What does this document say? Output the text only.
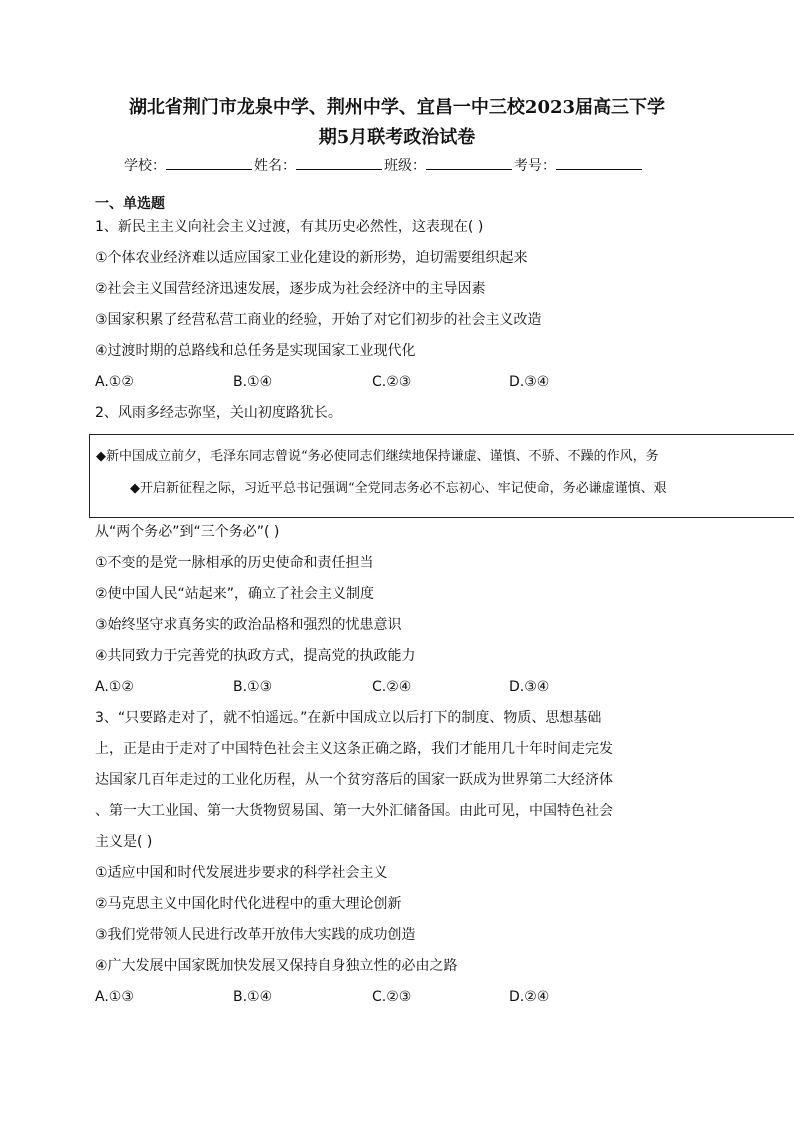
湖北省荆门市龙泉中学、荆州中学、宜昌一中三校2023届高三下学
期5月联考政治试卷
学校：	姓名：	班级：	考号：
一、单选题
1、新民主主义向社会主义过渡，有其历史必然性，这表现在( )
①个体农业经济难以适应国家工业化建设的新形势，迫切需要组织起来
②社会主义国营经济迅速发展，逐步成为社会经济中的主导因素
③国家积累了经营私营工商业的经验，开始了对它们初步的社会主义改造
④过渡时期的总路线和总任务是实现国家工业现代化
A.①②	B.①④	C.②③	D.③④
2、风雨多经志弥坚，关山初度路犹长。
◆新中国成立前夕，毛泽东同志曾说“务必使同志们继续地保持谦虚、谨慎、不骄、不躁的作风，务
◆开启新征程之际，习近平总书记强调“全党同志务必不忘初心、牢记使命，务必谦虚谨慎、艰
从“两个务必”到“三个务必”( )
①不变的是党一脉相承的历史使命和责任担当
②使中国人民“站起来”，确立了社会主义制度
③始终坚守求真务实的政治品格和强烈的忧患意识
④共同致力于完善党的执政方式，提高党的执政能力
A.①②	B.①③	C.②④	D.③④
3、“只要路走对了，就不怕遥远。”在新中国成立以后打下的制度、物质、思想基础
上，正是由于走对了中国特色社会主义这条正确之路，我们才能用几十年时间走完发
达国家几百年走过的工业化历程，从一个贫穷落后的国家一跃成为世界第二大经济体
、第一大工业国、第一大货物贸易国、第一大外汇储备国。由此可见，中国特色社会
主义是( )
①适应中国和时代发展进步要求的科学社会主义
②马克思主义中国化时代化进程中的重大理论创新
③我们党带领人民进行改革开放伟大实践的成功创造
④广大发展中国家既加快发展又保持自身独立性的必由之路
A.①③	B.①④	C.②③	D.②④
